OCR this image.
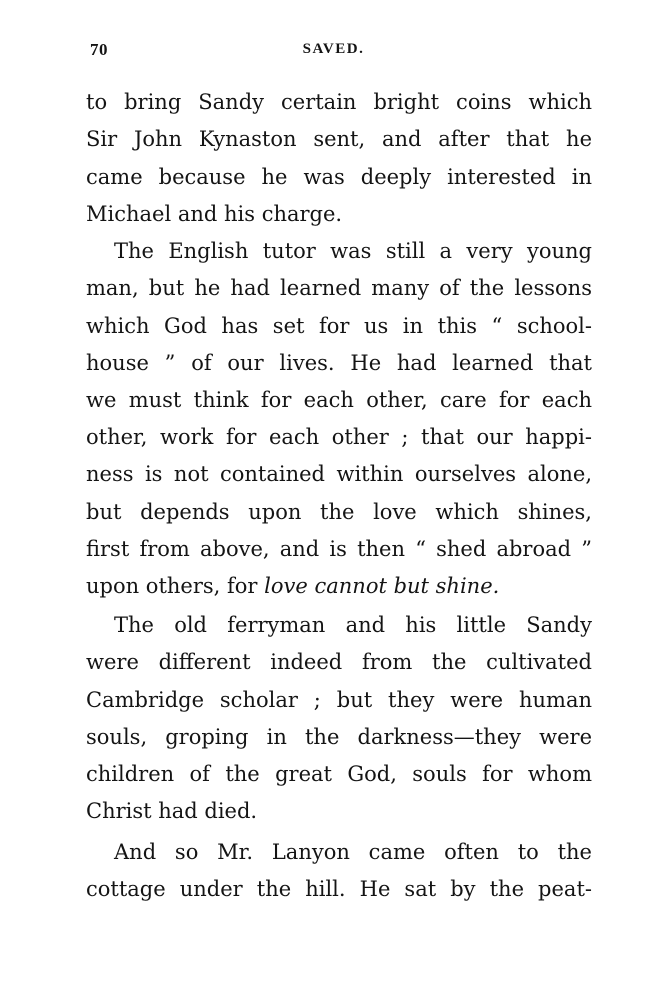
70	SAVED.
to bring Sandy certain bright coins which
Sir John Kynaston sent, and after that he
came because he was deeply interested in
Michael and his charge.
The English tutor was still a very young
man, but he had learned many of the lessons
which God has set for us in this “ school-
house ” of our lives. He had learned that
we must think for each other, care for each
other, work for each other ; that our happi-
ness is not contained within ourselves alone,
but depends upon the love which shines,
first from above, and is then “ shed abroad ”
upon others, for love cannot but shine.
The old ferryman and his little Sandy
were different indeed from the cultivated
Cambridge scholar ; but they were human
souls, groping in the darkness—they were
children of the great God, souls for whom
Christ had died.
And so Mr. Lanyon came often to the
cottage under the hill. He sat by the peat-
